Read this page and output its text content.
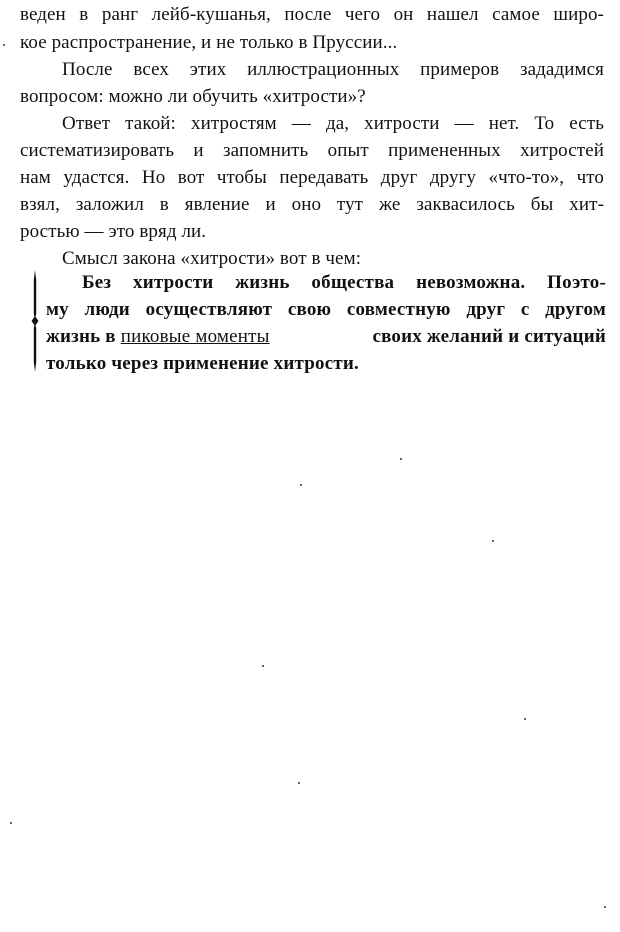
веден в ранг лейб-кушанья, после чего он нашел самое широ-
кое распространение, и не только в Пруссии...
После всех этих иллюстрационных примеров зададимся
вопросом: можно ли обучить «хитрости»?
Ответ такой: хитростям — да, хитрости — нет. То есть
систематизировать и запомнить опыт примененных хитростей
нам удастся. Но вот чтобы передавать друг другу «что-то», что
взял, заложил в явление и оно тут же заквасилось бы хит-
ростью — это вряд ли.
Смысл закона «хитрости» вот в чем:
Без хитрости жизнь общества невозможна. Поэто-
му люди осуществляют свою совместную друг с другом
жизнь в пиковые моменты	своих желаний и ситуаций
только через применение хитрости.
